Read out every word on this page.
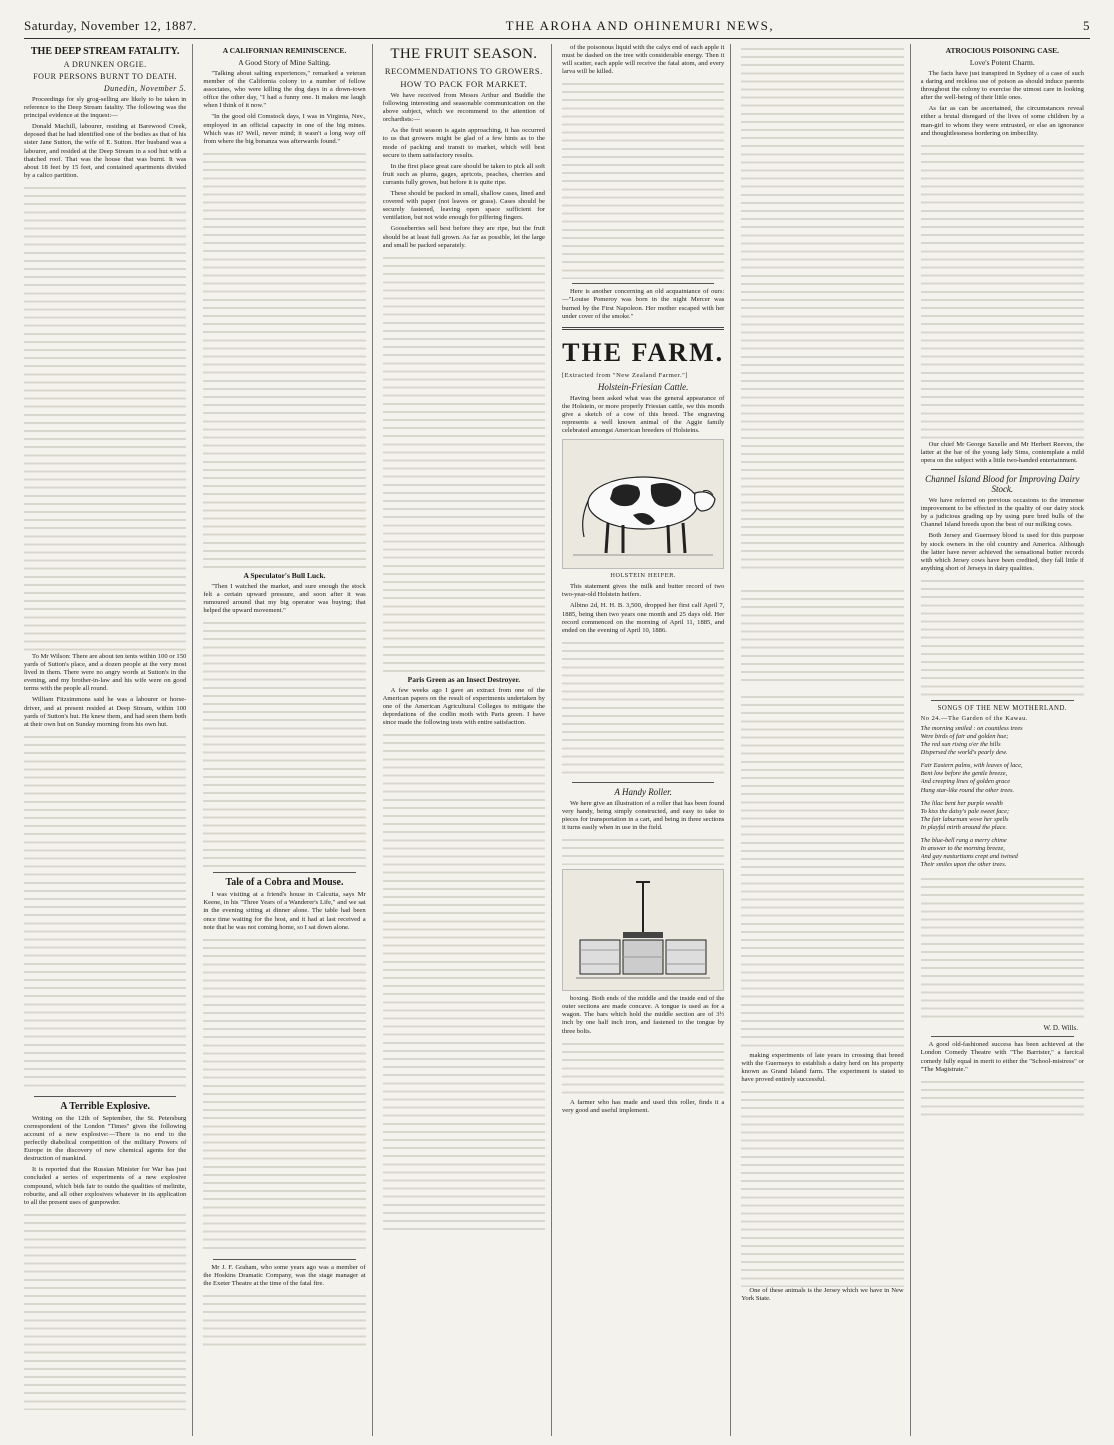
Saturday, November 12, 1887.	THE AROHA AND OHINEMURI NEWS,	5
THE DEEP STREAM FATALITY.
A DRUNKEN ORGIE.
FOUR PERSONS BURNT TO DEATH.
Dunedin, November 5.

Proceedings for sly grog-selling are likely to be taken in reference to the Deep Stream fatality. The following was the principal evidence at the inquest:—

Donald Machill, labourer, residing at Barewood Creek, deposed that he had identified one of the bodies as that of his sister Jane Sutton, the wife of E. Sutton. Her husband was a labourer, and resided at the Deep Stream in a sod hut with a thatched roof. That was the house that was burnt. It was about 18 feet by 15 feet, and contained apartments divided by a calico partition.

To Mr Wilson: There are about ten tents within 100 or 150 yards of Sutton's place, and a dozen people at the very most lived in them. There were no angry words at Sutton's in the evening, and my brother-in-law and his wife were on good terms with the people all round.

William Fitzsimmons said he was a labourer or horse-driver, and at present resided at Deep Stream, within 100 yards of Sutton's hut. He knew them, and had seen them both at their own hut on Sunday morning from his own hut.

A Terrible Explosive.

Writing on the 12th of September, the St. Petersburg correspondent of the London "Times" gives the following account of a new explosive:—There is no end to the perfectly diabolical competition of the military Powers of Europe in the discovery of new chemical agents for the destruction of mankind.

It is reported that the Russian Minister for War has just concluded a series of experiments of a new explosive compound, which bids fair to outdo the qualities of melinite, roburite, and all other explosives whatever in its application to all the present uses of gunpowder.

A CALIFORNIAN REMINISCENCE.
A Good Story of Mine Salting.

"Talking about salting experiences," remarked a veteran member of the California colony to a number of fellow associates, who were killing the dog days in a down-town office the other day, "I had a funny one. It makes me laugh when I think of it now."

"In the good old Comstock days, I was in Virginia, Nev., employed in an official capacity in one of the big mines. Which was it? Well, never mind; it wasn't a long way off from where the big bonanza was afterwards found."

A Speculator's Bull Luck.

"Then I watched the market, and sure enough the stock felt a certain upward pressure, and soon after it was rumoured around that my big operator was buying; that helped the upward movement."

Tale of a Cobra and Mouse.

I was visiting at a friend's house in Calcutta, says Mr Keene, in his "Three Years of a Wanderer's Life," and we sat in the evening sitting at dinner alone. The table had been once time waiting for the host, and it had at last received a note that he was not coming home, so I sat down alone.

Mr J. F. Graham, who some years ago was a member of the Hoskins Dramatic Company, was the stage manager at the Exeter Theatre at the time of the fatal fire.

THE FRUIT SEASON.
RECOMMENDATIONS TO GROWERS.
HOW TO PACK FOR MARKET.

We have received from Messrs Arthur and Buddle the following interesting and seasonable communication on the above subject, which we recommend to the attention of orchardists:—

As the fruit season is again approaching, it has occurred to us that growers might be glad of a few hints as to the mode of packing and transit to market, which will best secure to them satisfactory results.

In the first place great care should be taken to pick all soft fruit such as plums, gages, apricots, peaches, cherries and currants fully grown, but before it is quite ripe.

These should be packed in small, shallow cases, lined and covered with paper (not leaves or grass). Cases should be securely fastened, leaving open space sufficient for ventilation, but not wide enough for pilfering fingers.

Gooseberries sell best before they are ripe, but the fruit should be at least full grown. As far as possible, let the large and small be packed separately.

Paris Green as an Insect Destroyer.

A few weeks ago I gave an extract from one of the American papers on the result of experiments undertaken by one of the American Agricultural Colleges to mitigate the depredations of the codlin moth with Paris green. I have since made the following tests with entire satisfaction.

of the poisonous liquid with the calyx end of each apple it must be dashed on the tree with considerable energy. Then it will scatter, each apple will receive the fatal atom, and every larva will be killed.

Here is another concerning an old acquaintance of ours:—"Louise Pomeroy was born in the night Mercer was burned by the First Napoleon. Her mother escaped with her under cover of the smoke."

THE FARM.
[Extracted from "New Zealand Farmer."]
Holstein-Friesian Cattle.

Having been asked what was the general appearance of the Holstein, or more properly Friesian cattle, we this month give a sketch of a cow of this breed. The engraving represents a well known animal of the Aggie family celebrated amongst American breeders of Holsteins.

HOLSTEIN HEIFER.

This statement gives the milk and butter record of two two-year-old Holstein heifers.

Albino 2d, H. H. B. 3,500, dropped her first calf April 7, 1885, being then two years one month and 25 days old. Her record commenced on the morning of April 11, 1885, and ended on the evening of April 10, 1886.

A Handy Roller.

We here give an illustration of a roller that has been found very handy, being simply constructed, and easy to take to pieces for transportation in a cart, and being in three sections it turns easily when in use in the field.

boxing. Both ends of the middle and the inside end of the outer sections are made concave. A tongue is used as for a wagon. The bars which hold the middle section are of 3½ inch by one half inch iron, and fastened to the tongue by three bolts.

A farmer who has made and used this roller, finds it a very good and useful implement.

making experiments of late years in crossing that breed with the Guernseys to establish a dairy herd on his property known as Grand Island farm. The experiment is stated to have proved entirely successful.

One of these animals is the Jersey which we have in New York State.

ATROCIOUS POISONING CASE.
Love's Potent Charm.

The facts have just transpired in Sydney of a case of such a daring and reckless use of poison as should induce parents throughout the colony to exercise the utmost care in looking after the well-being of their little ones.

As far as can be ascertained, the circumstances reveal either a brutal disregard of the lives of some children by a man-girl to whom they were entrusted, or else an ignorance and thoughtlessness bordering on imbecility.

Our chief Mr George Saxelle and Mr Herbert Reeves, the latter at the bar of the young lady Sims, contemplate a mild opera on the subject with a little two-handed entertainment.

Channel Island Blood for Improving Dairy Stock.

We have referred on previous occasions to the immense improvement to be effected in the quality of our dairy stock by a judicious grading up by using pure bred bulls of the Channel Island breeds upon the best of our milking cows.

Both Jersey and Guernsey blood is used for this purpose by stock owners in the old country and America. Although the latter have never achieved the sensational butter records with which Jersey cows have been credited, they fall little if anything short of Jerseys in dairy qualities.

SONGS OF THE NEW MOTHERLAND.
No 24.—The Garden of the Kawau.

The morning smiled : on countless trees
Were birds of fair and golden hue;
The red sun rising o'er the hills
Dispersed the world's pearly dew.

Fair Eastern palms, with leaves of lace,
Bent low before the gentle breeze,
And creeping lines of golden grace
Hung star-like round the other trees.

The lilac bent her purple wealth
To kiss the daisy's pale sweet face;
The fair laburnum wove her spells
In playful mirth around the place.

The blue-bell rang a merry chime
In answer to the morning breeze,
And gay nasturtiums crept and twined
Their smiles upon the other trees.

W. D. Wills.

A good old-fashioned success has been achieved at the London Comedy Theatre with "The Barrister," a farcical comedy fully equal in merit to either the "School-mistress" or "The Magistrate."
